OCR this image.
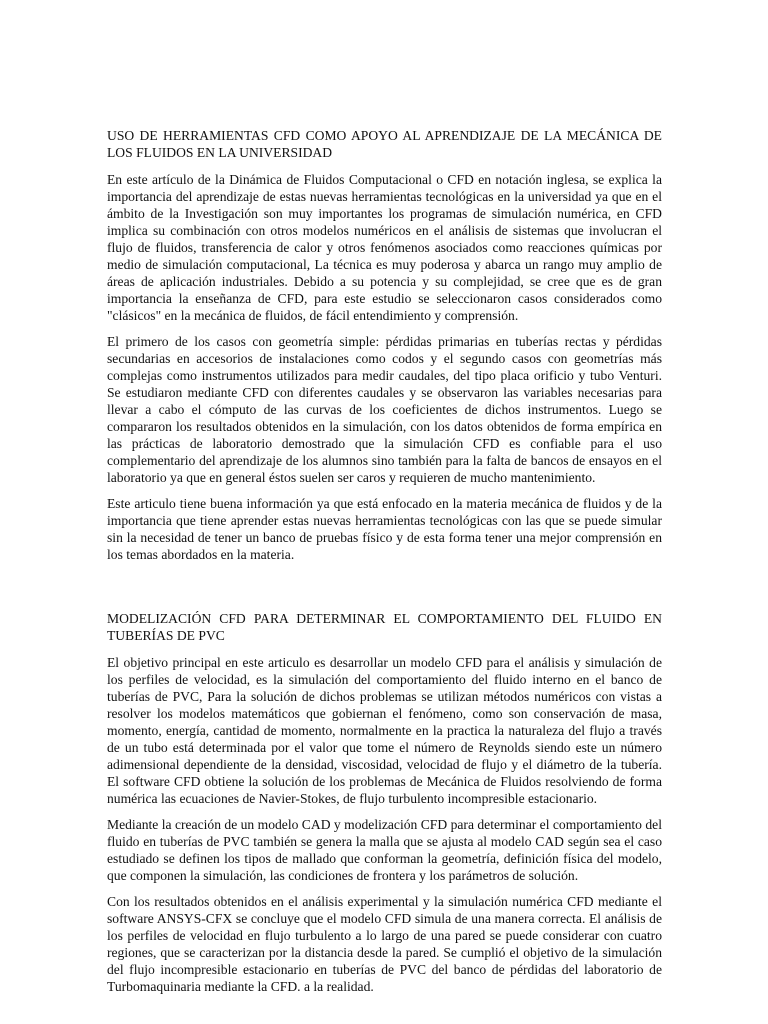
USO DE HERRAMIENTAS CFD COMO APOYO AL APRENDIZAJE DE LA MECÁNICA DE LOS FLUIDOS EN LA UNIVERSIDAD

En este artículo de la Dinámica de Fluidos Computacional o CFD en notación inglesa, se explica la importancia del aprendizaje de estas nuevas herramientas tecnológicas en la universidad ya que en el ámbito de la Investigación son muy importantes los programas de simulación numérica, en CFD implica su combinación con otros modelos numéricos en el análisis de sistemas que involucran el flujo de fluidos, transferencia de calor y otros fenómenos asociados como reacciones químicas por medio de simulación computacional, La técnica es muy poderosa y abarca un rango muy amplio de áreas de aplicación industriales. Debido a su potencia y su complejidad, se cree que es de gran importancia la enseñanza de CFD, para este estudio se seleccionaron casos considerados como "clásicos" en la mecánica de fluidos, de fácil entendimiento y comprensión.

El primero de los casos con geometría simple: pérdidas primarias en tuberías rectas y pérdidas secundarias en accesorios de instalaciones como codos y el segundo casos con geometrías más complejas como instrumentos utilizados para medir caudales, del tipo placa orificio y tubo Venturi. Se estudiaron mediante CFD con diferentes caudales y se observaron las variables necesarias para llevar a cabo el cómputo de las curvas de los coeficientes de dichos instrumentos. Luego se compararon los resultados obtenidos en la simulación, con los datos obtenidos de forma empírica en las prácticas de laboratorio demostrado que la simulación CFD es confiable para el uso complementario del aprendizaje de los alumnos sino también para la falta de bancos de ensayos en el laboratorio ya que en general éstos suelen ser caros y requieren de mucho mantenimiento.

Este articulo tiene buena información ya que está enfocado en la materia mecánica de fluidos y de la importancia que tiene aprender estas nuevas herramientas tecnológicas con las que se puede simular sin la necesidad de tener un banco de pruebas físico y de esta forma tener una mejor comprensión en los temas abordados en la materia.

MODELIZACIÓN CFD PARA DETERMINAR EL COMPORTAMIENTO DEL FLUIDO EN TUBERÍAS DE PVC

El objetivo principal en este articulo es desarrollar un modelo CFD para el análisis y simulación de los perfiles de velocidad, es la simulación del comportamiento del fluido interno en el banco de tuberías de PVC, Para la solución de dichos problemas se utilizan métodos numéricos con vistas a resolver los modelos matemáticos que gobiernan el fenómeno, como son conservación de masa, momento, energía, cantidad de momento, normalmente en la practica la naturaleza del flujo a través de un tubo está determinada por el valor que tome el número de Reynolds siendo este un número adimensional dependiente de la densidad, viscosidad, velocidad de flujo y el diámetro de la tubería. El software CFD obtiene la solución de los problemas de Mecánica de Fluidos resolviendo de forma numérica las ecuaciones de Navier-Stokes, de flujo turbulento incompresible estacionario.

Mediante la creación de un modelo CAD y modelización CFD para determinar el comportamiento del fluido en tuberías de PVC también se genera la malla que se ajusta al modelo CAD según sea el caso estudiado se definen los tipos de mallado que conforman la geometría, definición física del modelo, que componen la simulación, las condiciones de frontera y los parámetros de solución.

Con los resultados obtenidos en el análisis experimental y la simulación numérica CFD mediante el software ANSYS-CFX se concluye que el modelo CFD simula de una manera correcta. El análisis de los perfiles de velocidad en flujo turbulento a lo largo de una pared se puede considerar con cuatro regiones, que se caracterizan por la distancia desde la pared. Se cumplió el objetivo de la simulación del flujo incompresible estacionario en tuberías de PVC del banco de pérdidas del laboratorio de Turbomaquinaria mediante la CFD. a la realidad.
